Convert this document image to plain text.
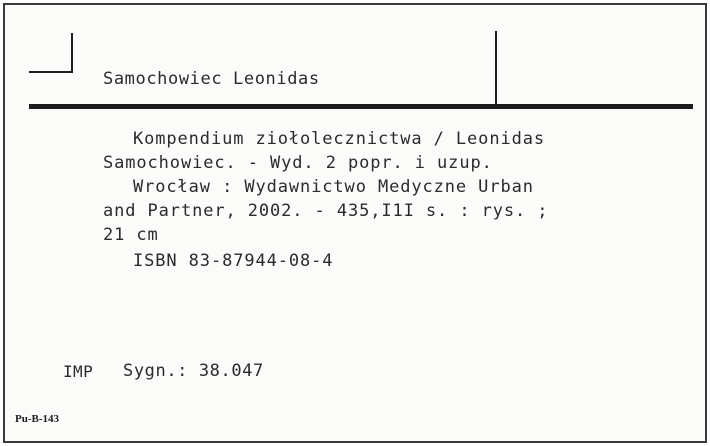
Samochowiec Leonidas
Kompendium ziołolecznictwa / Leonidas
Samochowiec. - Wyd. 2 popr. i uzup.
Wrocław : Wydawnictwo Medyczne Urban
and Partner, 2002. - 435,I1I s. : rys. ;
21 cm
ISBN 83-87944-08-4
IMP Sygn.: 38.047
Pu-B-143
